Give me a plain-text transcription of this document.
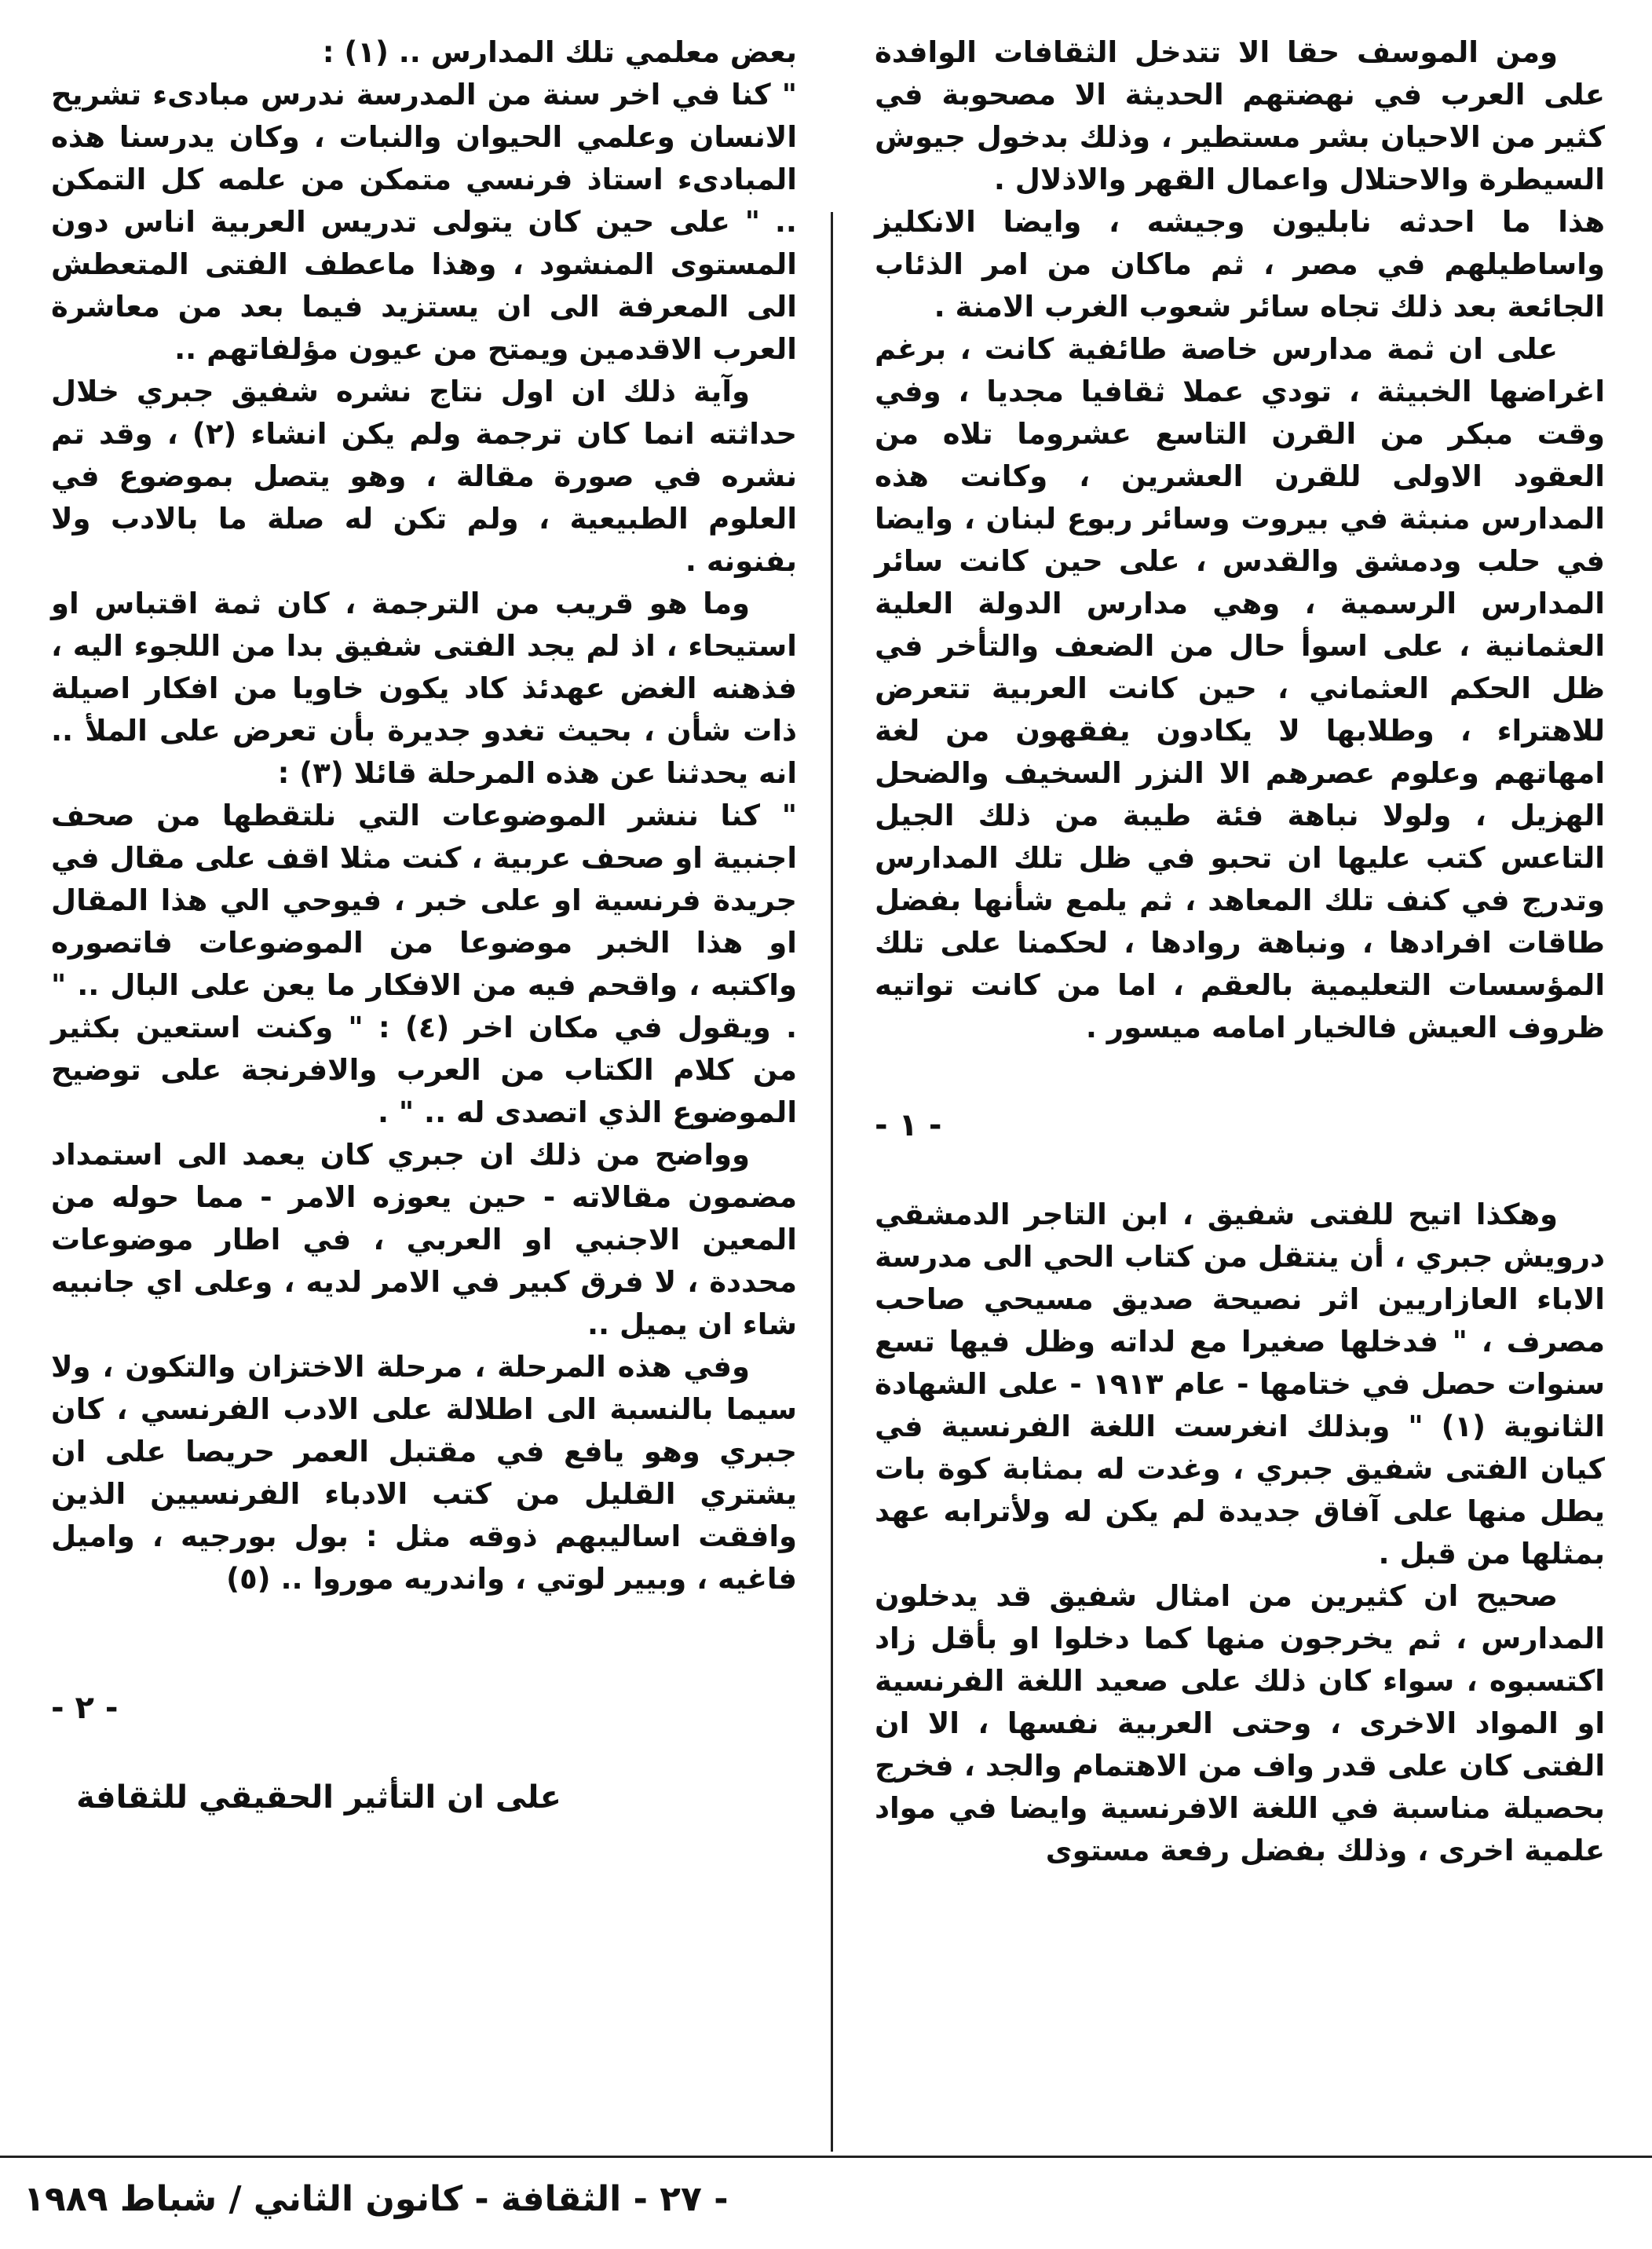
ومن الموسف حقا الا تتدخل الثقافات الوافدة على العرب في نهضتهم الحديثة الا مصحوبة في كثير من الاحيان بشر مستطير ، وذلك بدخول جيوش السيطرة والاحتلال واعمال القهر والاذلال .

هذا ما احدثه نابليون وجيشه ، وايضا الانكليز واساطيلهم في مصر ، ثم ماكان من امر الذئاب الجائعة بعد ذلك تجاه سائر شعوب الغرب الامنة .

على ان ثمة مدارس خاصة طائفية كانت ، برغم اغراضها الخبيثة ، تودي عملا ثقافيا مجديا ، وفي وقت مبكر من القرن التاسع عشروما تلاه من العقود الاولى للقرن العشرين ، وكانت هذه المدارس منبثة في بيروت وسائر ربوع لبنان ، وايضا في حلب ودمشق والقدس ، على حين كانت سائر المدارس الرسمية ، وهي مدارس الدولة العلية العثمانية ، على اسوأ حال من الضعف والتأخر في ظل الحكم العثماني ، حين كانت العربية تتعرض للاهتراء ، وطلابها لا يكادون يفقهون من لغة امهاتهم وعلوم عصرهم الا النزر السخيف والضحل الهزيل ، ولولا نباهة فئة طيبة من ذلك الجيل التاعس كتب عليها ان تحبو في ظل تلك المدارس وتدرج في كنف تلك المعاهد ، ثم يلمع شأنها بفضل طاقات افرادها ، ونباهة روادها ، لحكمنا على تلك المؤسسات التعليمية بالعقم ، اما من كانت تواتيه ظروف العيش فالخيار امامه ميسور .

- ١ -

وهكذا اتيح للفتى شفيق ، ابن التاجر الدمشقي درويش جبري ، أن ينتقل من كتاب الحي الى مدرسة الاباء العازاريين اثر نصيحة صديق مسيحي صاحب مصرف ، " فدخلها صغيرا مع لداته وظل فيها تسع سنوات حصل في ختامها - عام ١٩١٣ - على الشهادة الثانوية (١) " وبذلك انغرست اللغة الفرنسية في كيان الفتى شفيق جبري ، وغدت له بمثابة كوة بات يطل منها على آفاق جديدة لم يكن له ولأترابه عهد بمثلها من قبل .

صحيح ان كثيرين من امثال شفيق قد يدخلون المدارس ، ثم يخرجون منها كما دخلوا او بأقل زاد اكتسبوه ، سواء كان ذلك على صعيد اللغة الفرنسية او المواد الاخرى ، وحتى العربية نفسها ، الا ان الفتى كان على قدر واف من الاهتمام والجد ، فخرج بحصيلة مناسبة في اللغة الافرنسية وايضا في مواد علمية اخرى ، وذلك بفضل رفعة مستوى

بعض معلمي تلك المدارس .. (١) :

" كنا في اخر سنة من المدرسة ندرس مبادىء تشريح الانسان وعلمي الحيوان والنبات ، وكان يدرسنا هذه المبادىء استاذ فرنسي متمكن من علمه كل التمكن .. " على حين كان يتولى تدريس العربية اناس دون المستوى المنشود ، وهذا ماعطف الفتى المتعطش الى المعرفة الى ان يستزيد فيما بعد من معاشرة العرب الاقدمين ويمتح من عيون مؤلفاتهم ..

وآية ذلك ان اول نتاج نشره شفيق جبري خلال حداثته انما كان ترجمة ولم يكن انشاء (٢) ، وقد تم نشره في صورة مقالة ، وهو يتصل بموضوع في العلوم الطبيعية ، ولم تكن له صلة ما بالادب ولا بفنونه .

وما هو قريب من الترجمة ، كان ثمة اقتباس او استيحاء ، اذ لم يجد الفتى شفيق بدا من اللجوء اليه ، فذهنه الغض عهدئذ كاد يكون خاويا من افكار اصيلة ذات شأن ، بحيث تغدو جديرة بأن تعرض على الملأ .. انه يحدثنا عن هذه المرحلة قائلا (٣) :

" كنا ننشر الموضوعات التي نلتقطها من صحف اجنبية او صحف عربية ، كنت مثلا اقف على مقال في جريدة فرنسية او على خبر ، فيوحي الي هذا المقال او هذا الخبر موضوعا من الموضوعات فاتصوره واكتبه ، واقحم فيه من الافكار ما يعن على البال .. " . ويقول في مكان اخر (٤) : " وكنت استعين بكثير من كلام الكتاب من العرب والافرنجة على توضيح الموضوع الذي اتصدى له .. " .

وواضح من ذلك ان جبري كان يعمد الى استمداد مضمون مقالاته - حين يعوزه الامر - مما حوله من المعين الاجنبي او العربي ، في اطار موضوعات محددة ، لا فرق كبير في الامر لديه ، وعلى اي جانبيه شاء ان يميل ..

وفي هذه المرحلة ، مرحلة الاختزان والتكون ، ولا سيما بالنسبة الى اطلالة على الادب الفرنسي ، كان جبري وهو يافع في مقتبل العمر حريصا على ان يشتري القليل من كتب الادباء الفرنسيين الذين وافقت اساليبهم ذوقه مثل : بول بورجيه ، واميل فاغيه ، وبيير لوتي ، واندريه موروا .. (٥)

- ٢ -

على ان التأثير الحقيقي للثقافة

- ٢٧ - الثقافة - كانون الثاني / شباط ١٩٨٩
